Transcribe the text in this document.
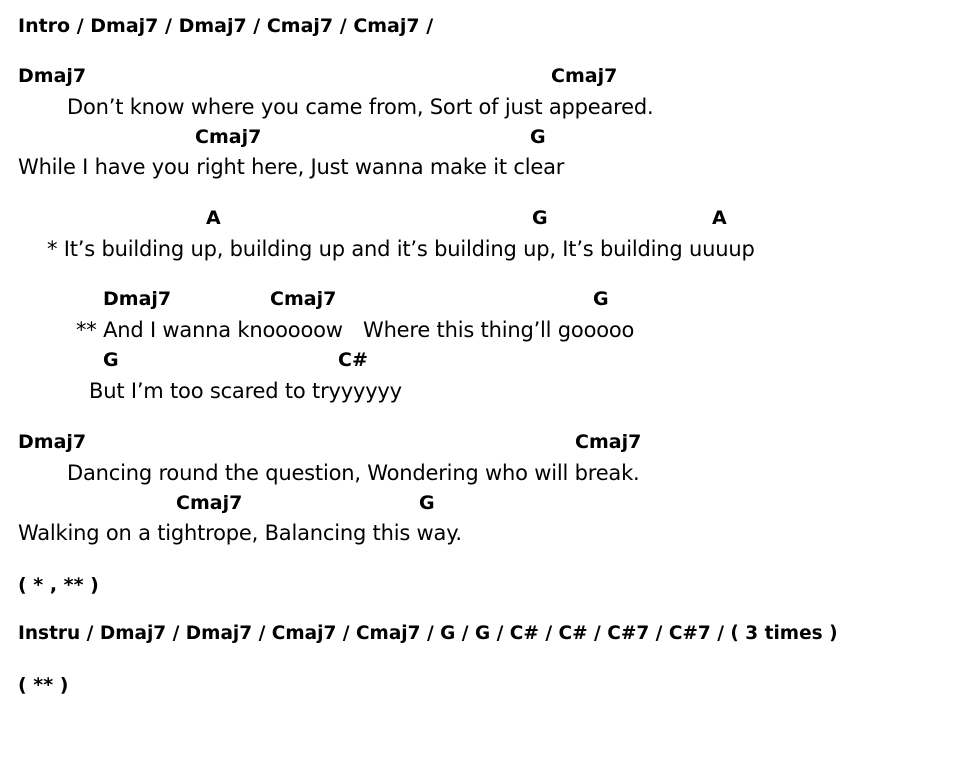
Intro / Dmaj7 / Dmaj7 / Cmaj7 / Cmaj7 /
Dmaj7	Cmaj7
Don’t know where you came from, Sort of just appeared.
Cmaj7	G
While I have you right here, Just wanna make it clear
A	G	A
* It’s building up, building up and it’s building up, It’s building uuuup
Dmaj7	Cmaj7	G
** And I wanna knooooow Where this thing’ll gooooo
G	C#
But I’m too scared to tryyyyyy
Dmaj7	Cmaj7
Dancing round the question, Wondering who will break.
Cmaj7	G
Walking on a tightrope, Balancing this way.
( * , ** )
Instru / Dmaj7 / Dmaj7 / Cmaj7 / Cmaj7 / G / G / C# / C# / C#7 / C#7 / ( 3 times )
( ** )
